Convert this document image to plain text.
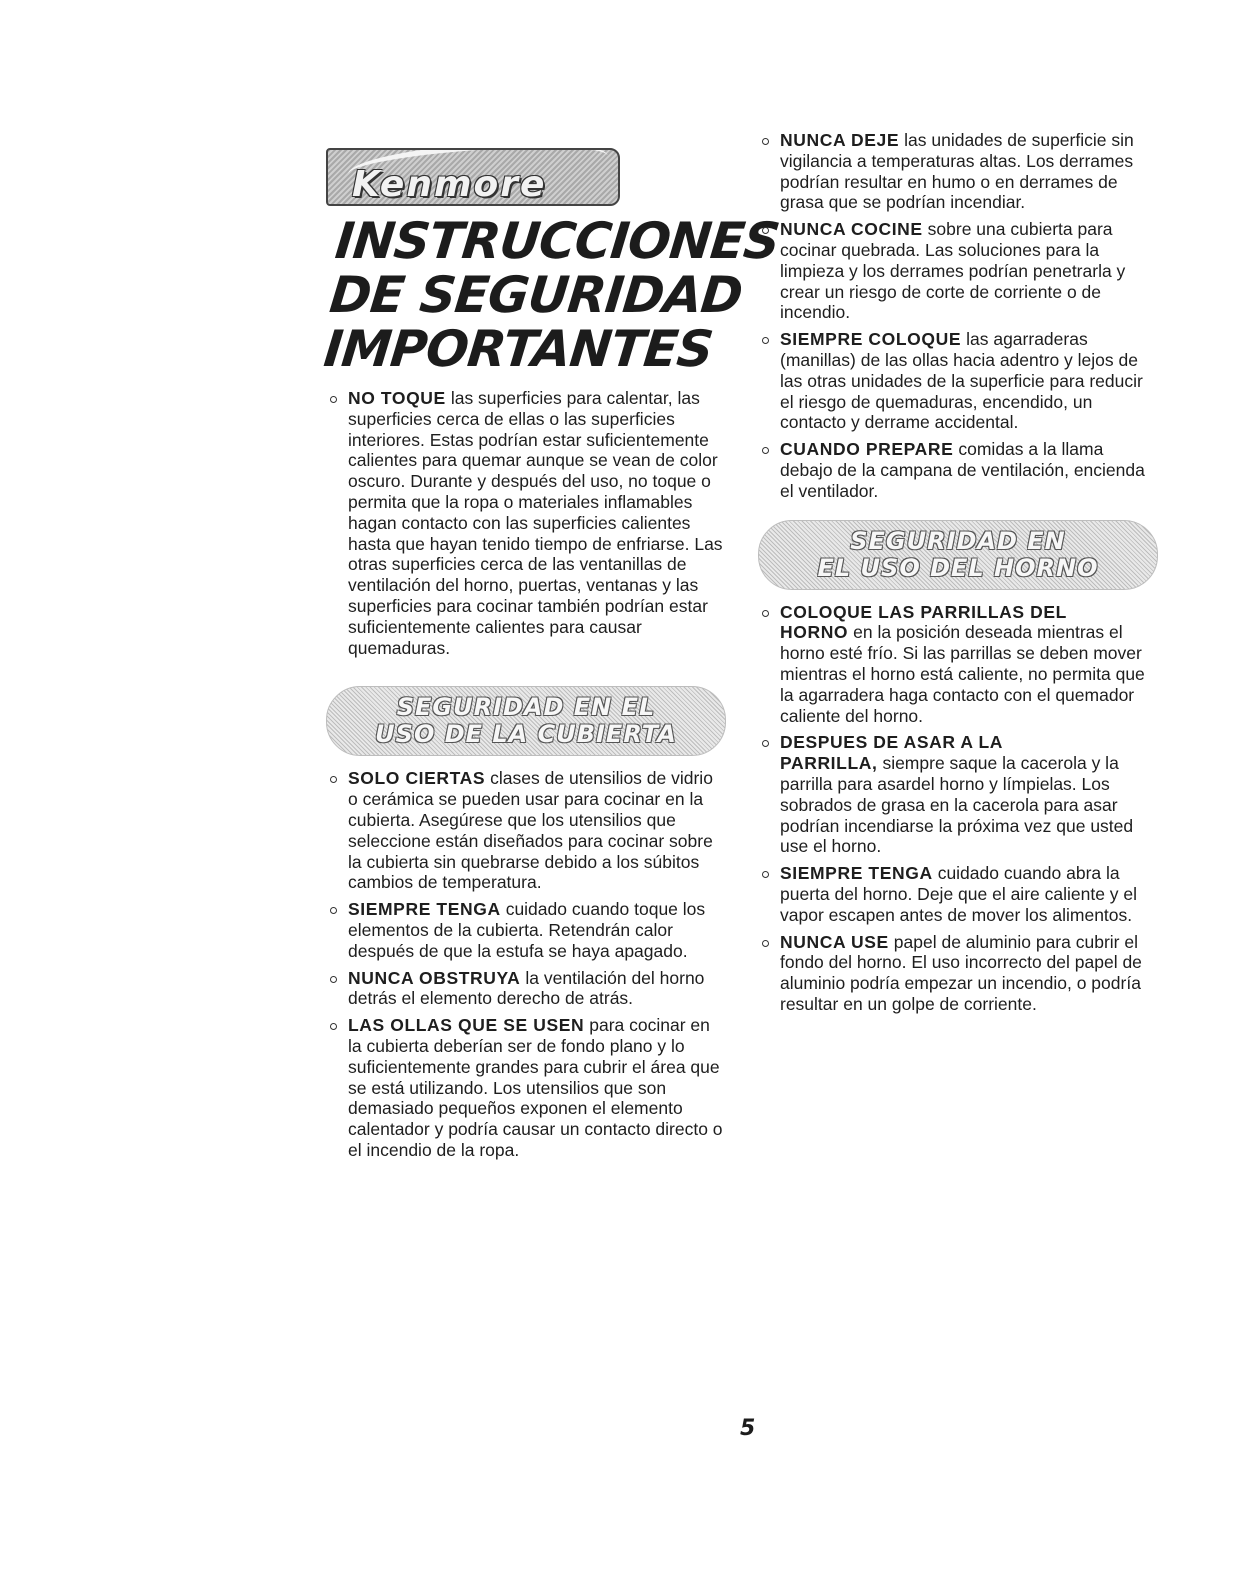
Kenmore
INSTRUCCIONES
DE SEGURIDAD
IMPORTANTES
NO TOQUE las superficies para calentar, las superficies cerca de ellas o las superficies interiores. Estas podrían estar suficientemente calientes para quemar aunque se vean de color oscuro. Durante y después del uso, no toque o permita que la ropa o materiales inflamables hagan contacto con las superficies calientes hasta que hayan tenido tiempo de enfriarse. Las otras superficies cerca de las ventanillas de ventilación del horno, puertas, ventanas y las superficies para cocinar también podrían estar suficientemente calientes para causar quemaduras.
SEGURIDAD EN EL
USO DE LA CUBIERTA
SOLO CIERTAS clases de utensilios de vidrio o cerámica se pueden usar para cocinar en la cubierta. Asegúrese que los utensilios que seleccione están diseñados para cocinar sobre la cubierta sin quebrarse debido a los súbitos cambios de temperatura.
SIEMPRE TENGA cuidado cuando toque los elementos de la cubierta. Retendrán calor después de que la estufa se haya apagado.
NUNCA OBSTRUYA la ventilación del horno detrás el elemento derecho de atrás.
LAS OLLAS QUE SE USEN para cocinar en la cubierta deberían ser de fondo plano y lo suficientemente grandes para cubrir el área que se está utilizando. Los utensilios que son demasiado pequeños exponen el elemento calentador y podría causar un contacto directo o el incendio de la ropa.
NUNCA DEJE las unidades de superficie sin vigilancia a temperaturas altas. Los derrames podrían resultar en humo o en derrames de grasa que se podrían incendiar.
NUNCA COCINE sobre una cubierta para cocinar quebrada. Las soluciones para la limpieza y los derrames podrían penetrarla y crear un riesgo de corte de corriente o de incendio.
SIEMPRE COLOQUE las agarraderas (manillas) de las ollas hacia adentro y lejos de las otras unidades de la superficie para reducir el riesgo de quemaduras, encendido, un contacto y derrame accidental.
CUANDO PREPARE comidas a la llama debajo de la campana de ventilación, encienda el ventilador.
SEGURIDAD EN
EL USO DEL HORNO
COLOQUE LAS PARRILLAS DEL HORNO en la posición deseada mientras el horno esté frío. Si las parrillas se deben mover mientras el horno está caliente, no permita que la agarradera haga contacto con el quemador caliente del horno.
DESPUES DE ASAR A LA PARRILLA, siempre saque la cacerola y la parrilla para asardel horno y límpielas. Los sobrados de grasa en la cacerola para asar podrían incendiarse la próxima vez que usted use el horno.
SIEMPRE TENGA cuidado cuando abra la puerta del horno. Deje que el aire caliente y el vapor escapen antes de mover los alimentos.
NUNCA USE papel de aluminio para cubrir el fondo del horno. El uso incorrecto del papel de aluminio podría empezar un incendio, o podría resultar en un golpe de corriente.
5
